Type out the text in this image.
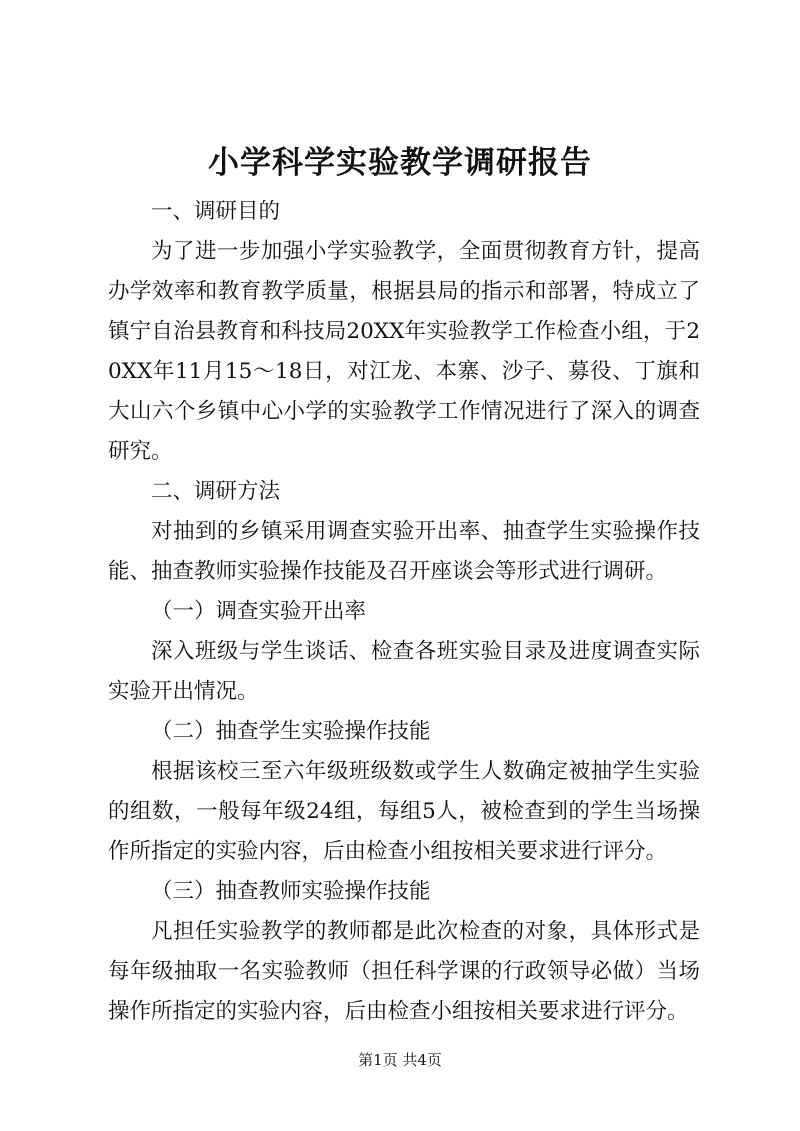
小学科学实验教学调研报告

一、调研目的

为了进一步加强小学实验教学，全面贯彻教育方针，提高办学效率和教育教学质量，根据县局的指示和部署，特成立了镇宁自治县教育和科技局20XX年实验教学工作检查小组，于20XX年11月15～18日，对江龙、本寨、沙子、募役、丁旗和大山六个乡镇中心小学的实验教学工作情况进行了深入的调查研究。

二、调研方法

对抽到的乡镇采用调查实验开出率、抽查学生实验操作技能、抽查教师实验操作技能及召开座谈会等形式进行调研。

（一）调查实验开出率

深入班级与学生谈话、检查各班实验目录及进度调查实际实验开出情况。

（二）抽查学生实验操作技能

根据该校三至六年级班级数或学生人数确定被抽学生实验的组数，一般每年级24组，每组5人，被检查到的学生当场操作所指定的实验内容，后由检查小组按相关要求进行评分。

（三）抽查教师实验操作技能

凡担任实验教学的教师都是此次检查的对象，具体形式是每年级抽取一名实验教师（担任科学课的行政领导必做）当场操作所指定的实验内容，后由检查小组按相关要求进行评分。

第1页 共4页
